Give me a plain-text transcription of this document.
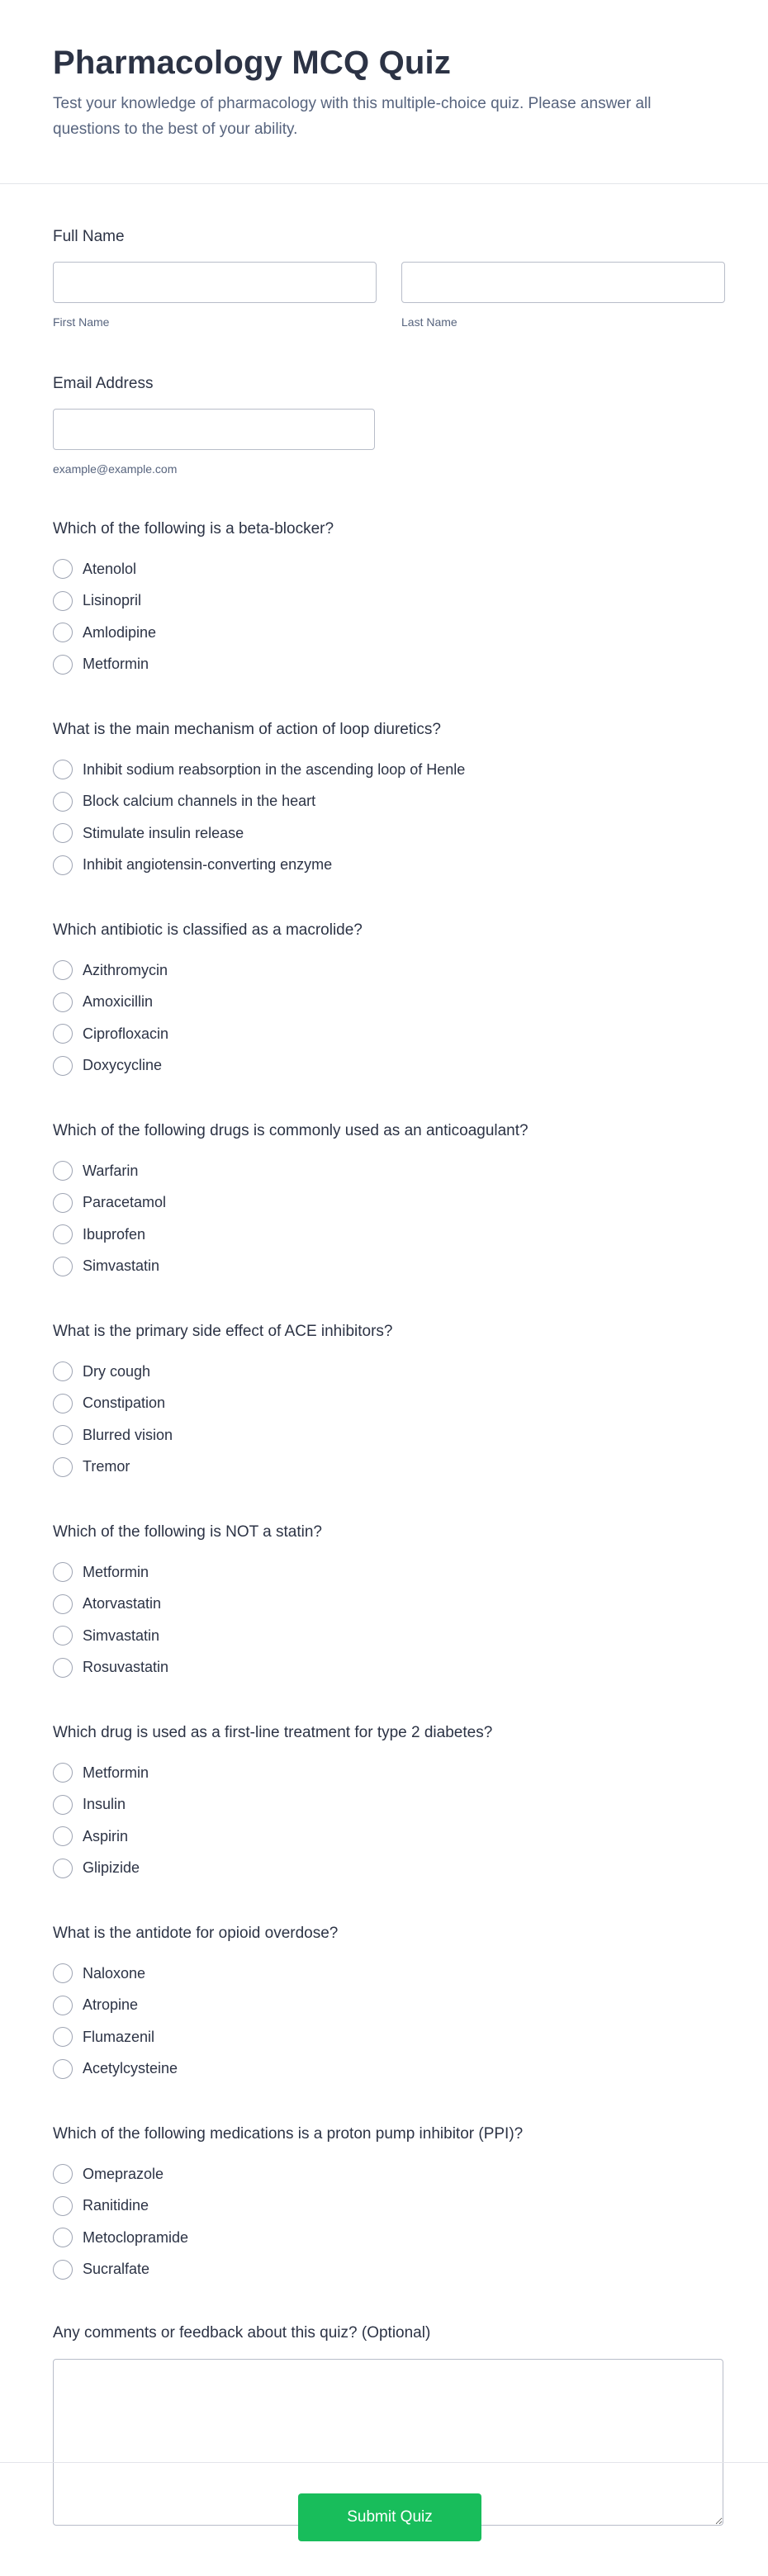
Pharmacology MCQ Quiz

Test your knowledge of pharmacology with this multiple-choice quiz. Please answer all questions to the best of your ability.

Full Name
First Name	Last Name
Email Address
example@example.com
Which of the following is a beta-blocker?
Atenolol
Lisinopril
Amlodipine
Metformin
What is the main mechanism of action of loop diuretics?
Inhibit sodium reabsorption in the ascending loop of Henle
Block calcium channels in the heart
Stimulate insulin release
Inhibit angiotensin-converting enzyme
Which antibiotic is classified as a macrolide?
Azithromycin
Amoxicillin
Ciprofloxacin
Doxycycline
Which of the following drugs is commonly used as an anticoagulant?
Warfarin
Paracetamol
Ibuprofen
Simvastatin
What is the primary side effect of ACE inhibitors?
Dry cough
Constipation
Blurred vision
Tremor
Which of the following is NOT a statin?
Metformin
Atorvastatin
Simvastatin
Rosuvastatin
Which drug is used as a first-line treatment for type 2 diabetes?
Metformin
Insulin
Aspirin
Glipizide
What is the antidote for opioid overdose?
Naloxone
Atropine
Flumazenil
Acetylcysteine
Which of the following medications is a proton pump inhibitor (PPI)?
Omeprazole
Ranitidine
Metoclopramide
Sucralfate
Any comments or feedback about this quiz? (Optional)
Submit Quiz
